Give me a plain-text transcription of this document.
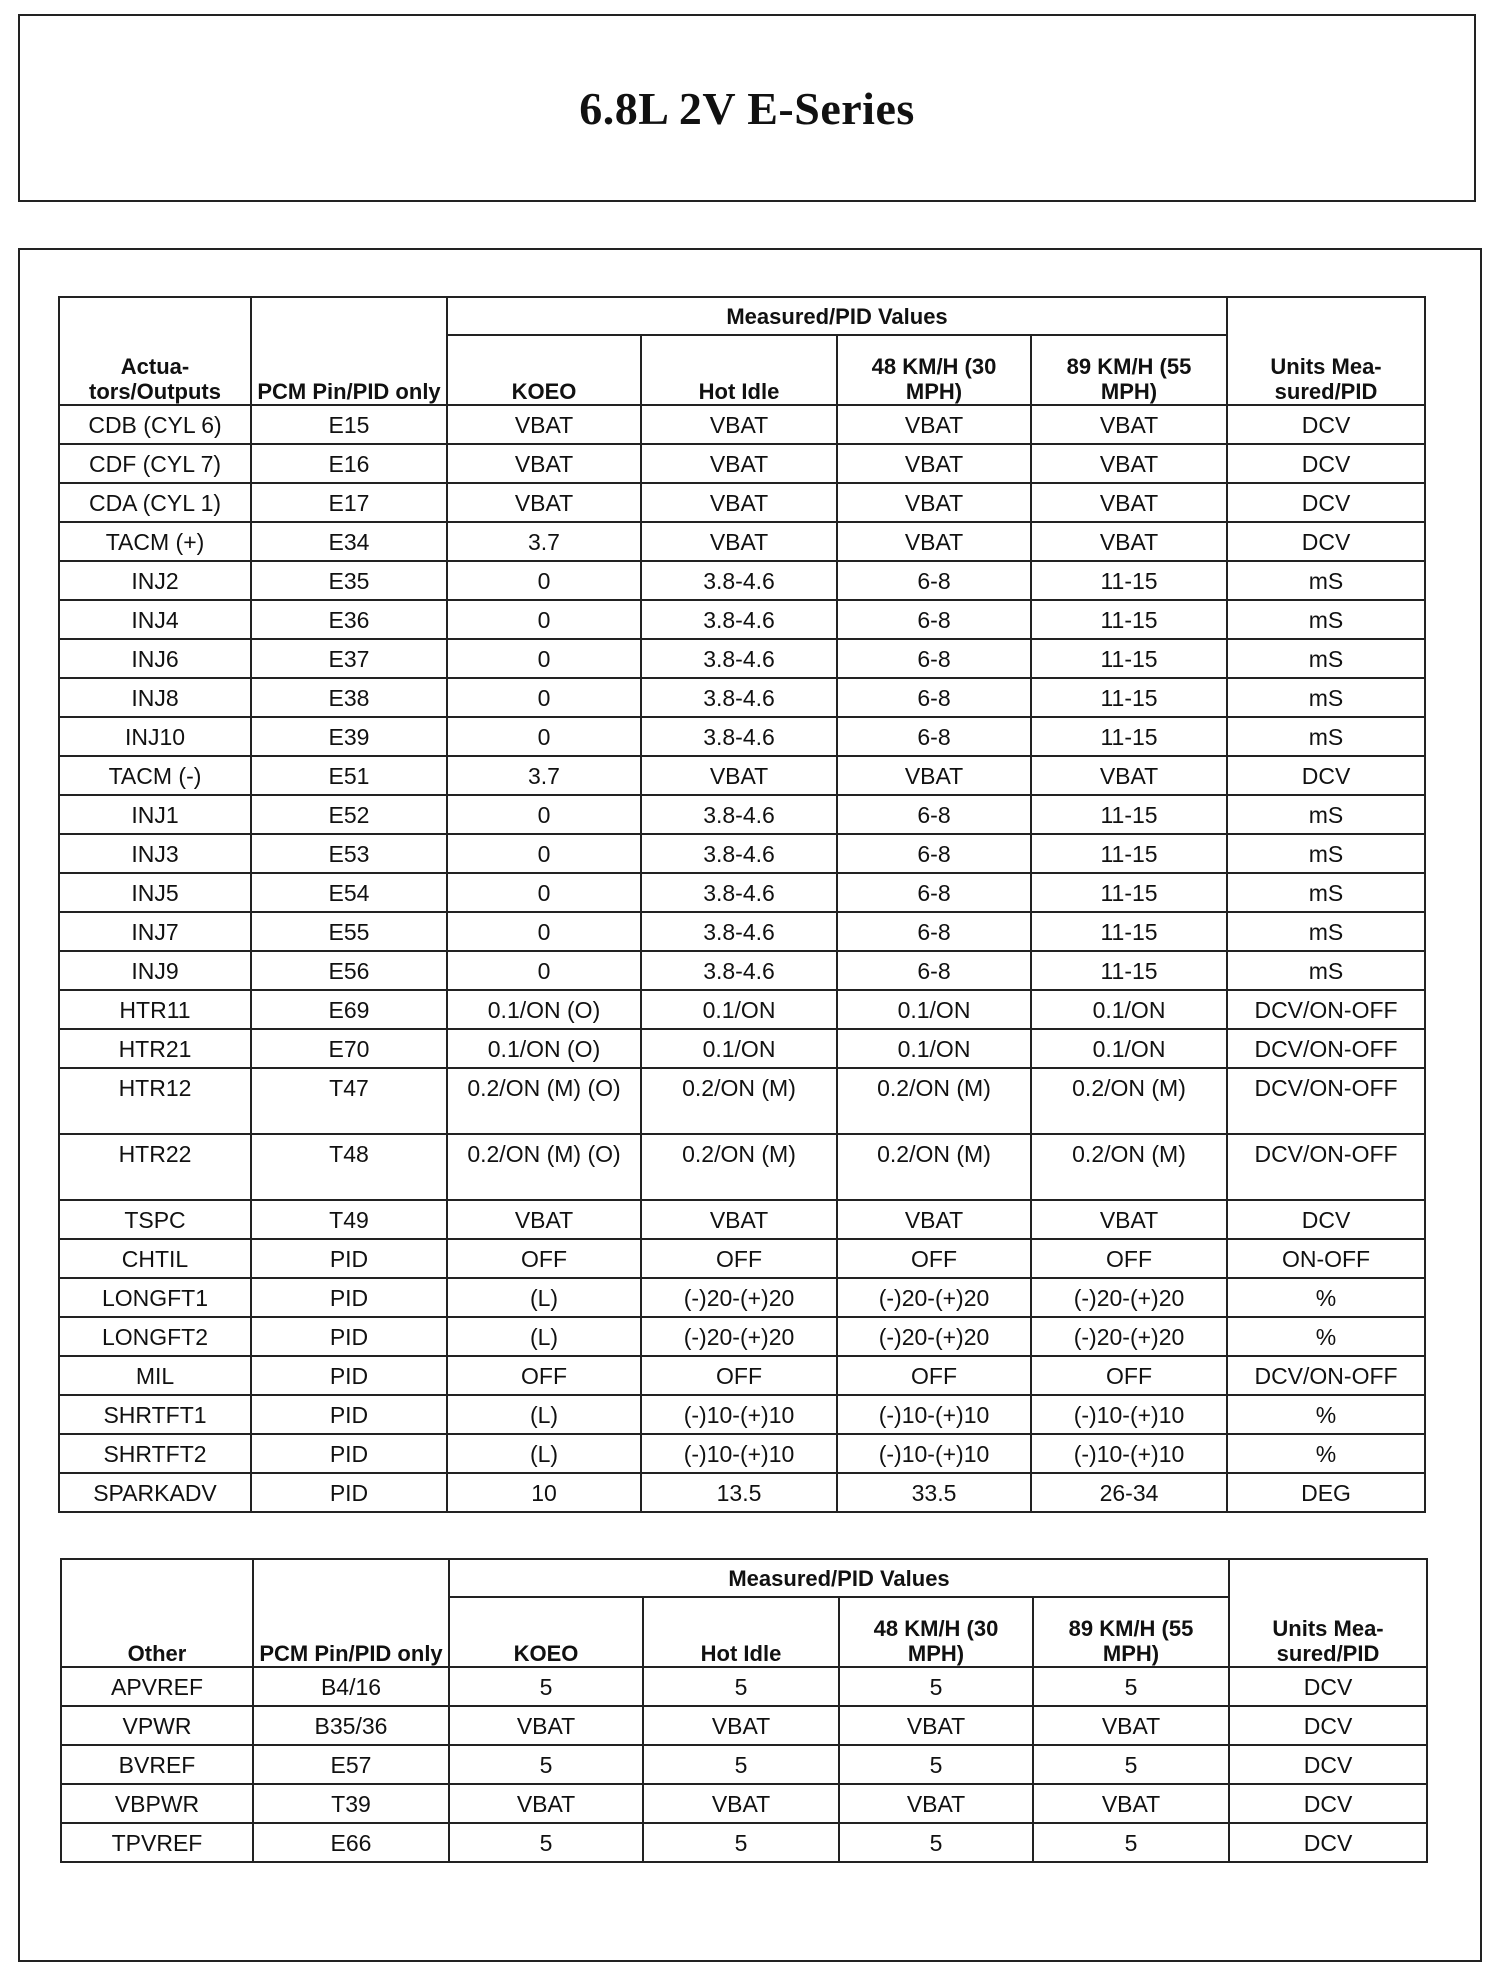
6.8L 2V E-Series
Actua-tors/Outputs	PCM Pin/PID only	Measured/PID Values				Units Mea-sured/PID
		KOEO	Hot Idle	48 KM/H (30 MPH)	89 KM/H (55 MPH)	
CDB (CYL 6)	E15	VBAT	VBAT	VBAT	VBAT	DCV
CDF (CYL 7)	E16	VBAT	VBAT	VBAT	VBAT	DCV
CDA (CYL 1)	E17	VBAT	VBAT	VBAT	VBAT	DCV
TACM (+)	E34	3.7	VBAT	VBAT	VBAT	DCV
INJ2	E35	0	3.8-4.6	6-8	11-15	mS
INJ4	E36	0	3.8-4.6	6-8	11-15	mS
INJ6	E37	0	3.8-4.6	6-8	11-15	mS
INJ8	E38	0	3.8-4.6	6-8	11-15	mS
INJ10	E39	0	3.8-4.6	6-8	11-15	mS
TACM (-)	E51	3.7	VBAT	VBAT	VBAT	DCV
INJ1	E52	0	3.8-4.6	6-8	11-15	mS
INJ3	E53	0	3.8-4.6	6-8	11-15	mS
INJ5	E54	0	3.8-4.6	6-8	11-15	mS
INJ7	E55	0	3.8-4.6	6-8	11-15	mS
INJ9	E56	0	3.8-4.6	6-8	11-15	mS
HTR11	E69	0.1/ON (O)	0.1/ON	0.1/ON	0.1/ON	DCV/ON-OFF
HTR21	E70	0.1/ON (O)	0.1/ON	0.1/ON	0.1/ON	DCV/ON-OFF
HTR12	T47	0.2/ON (M) (O)	0.2/ON (M)	0.2/ON (M)	0.2/ON (M)	DCV/ON-OFF
HTR22	T48	0.2/ON (M) (O)	0.2/ON (M)	0.2/ON (M)	0.2/ON (M)	DCV/ON-OFF
TSPC	T49	VBAT	VBAT	VBAT	VBAT	DCV
CHTIL	PID	OFF	OFF	OFF	OFF	ON-OFF
LONGFT1	PID	(L)	(-)20-(+)20	(-)20-(+)20	(-)20-(+)20	%
LONGFT2	PID	(L)	(-)20-(+)20	(-)20-(+)20	(-)20-(+)20	%
MIL	PID	OFF	OFF	OFF	OFF	DCV/ON-OFF
SHRTFT1	PID	(L)	(-)10-(+)10	(-)10-(+)10	(-)10-(+)10	%
SHRTFT2	PID	(L)	(-)10-(+)10	(-)10-(+)10	(-)10-(+)10	%
SPARKADV	PID	10	13.5	33.5	26-34	DEG
Other	PCM Pin/PID only	Measured/PID Values				Units Mea-sured/PID
		KOEO	Hot Idle	48 KM/H (30 MPH)	89 KM/H (55 MPH)	
APVREF	B4/16	5	5	5	5	DCV
VPWR	B35/36	VBAT	VBAT	VBAT	VBAT	DCV
BVREF	E57	5	5	5	5	DCV
VBPWR	T39	VBAT	VBAT	VBAT	VBAT	DCV
TPVREF	E66	5	5	5	5	DCV
